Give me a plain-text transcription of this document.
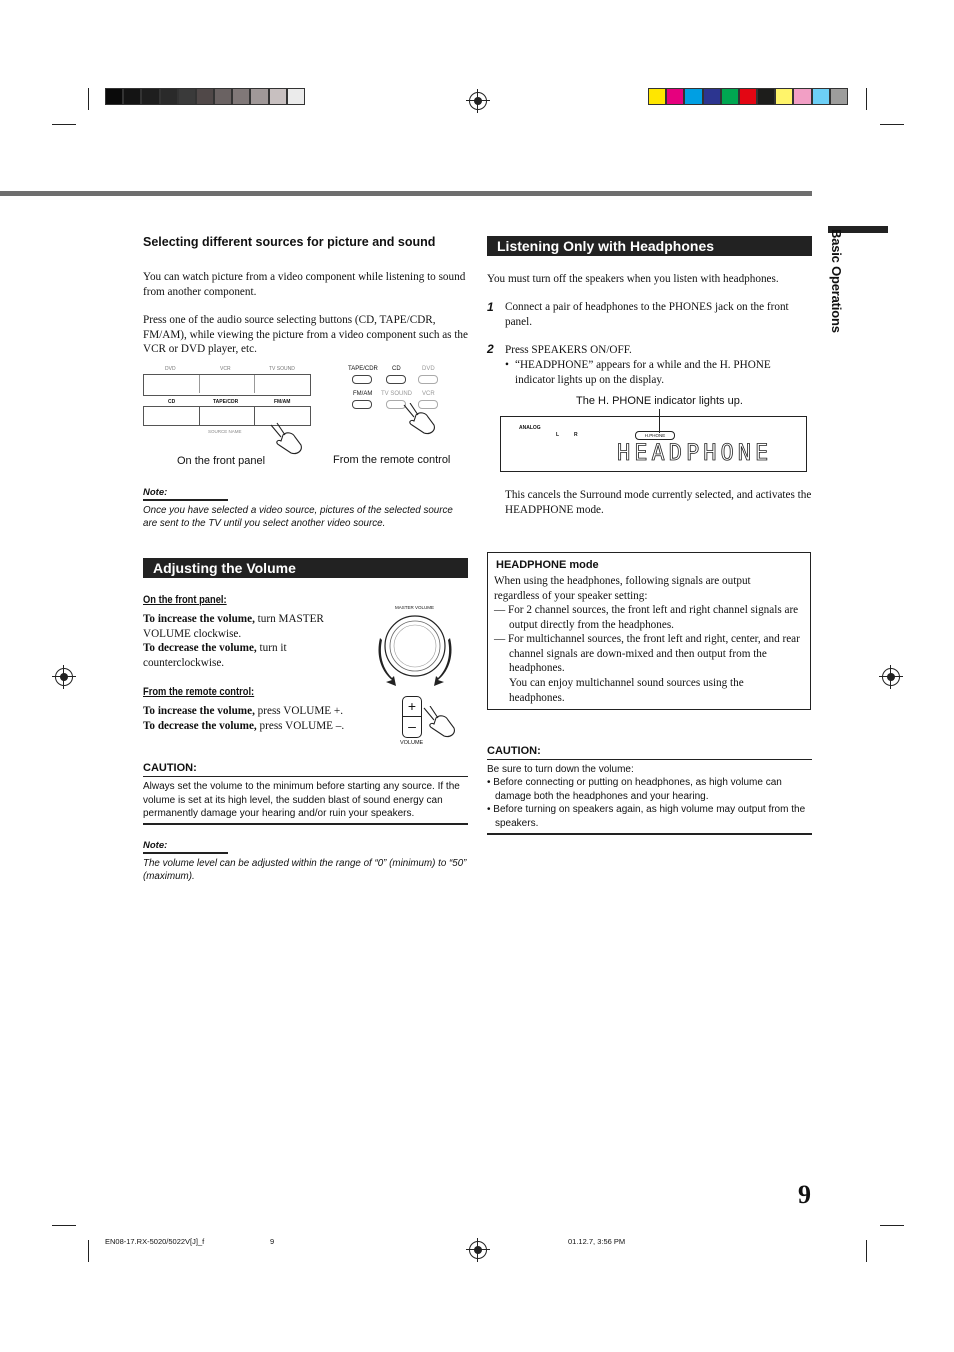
Basic Operations
Selecting different sources for picture and sound
You can watch picture from a video component while listening to sound from another component.
Press one of the audio source selecting buttons (CD, TAPE/CDR, FM/AM), while viewing the picture from a video component such as the VCR or DVD player, etc.
DVD	VCR	TV SOUND
CD	TAPE/CDR	FM/AM
SOURCE NAME
On the front panel
TAPE/CDR CD	DVD
FM/AM TV SOUND VCR
From the remote control
Note:
Once you have selected a video source, pictures of the selected source are sent to the TV until you select another video source.
Adjusting the Volume
On the front panel:
To increase the volume, turn MASTER VOLUME clockwise.
To decrease the volume, turn it counterclockwise.
MASTER VOLUME
From the remote control:
To increase the volume, press VOLUME +.
To decrease the volume, press VOLUME –.
+
–
VOLUME
CAUTION:
Always set the volume to the minimum before starting any source. If the volume is set at its high level, the sudden blast of sound energy can permanently damage your hearing and/or ruin your speakers.
Note:
The volume level can be adjusted within the range of “0” (minimum) to “50” (maximum).
Listening Only with Headphones
You must turn off the speakers when you listen with headphones.
1 Connect a pair of headphones to the PHONES jack on the front panel.
2 Press SPEAKERS ON/OFF.
• “HEADPHONE” appears for a while and the H. PHONE indicator lights up on the display.
The H. PHONE indicator lights up.
ANALOG
L	R	H.PHONE
HEADPHONE
This cancels the Surround mode currently selected, and activates the HEADPHONE mode.
HEADPHONE mode
When using the headphones, following signals are output regardless of your speaker setting:
— For 2 channel sources, the front left and right channel signals are output directly from the headphones.
— For multichannel sources, the front left and right, center, and rear channel signals are down-mixed and then output from the headphones.
You can enjoy multichannel sound sources using the headphones.
CAUTION:
Be sure to turn down the volume:
• Before connecting or putting on headphones, as high volume can damage both the headphones and your hearing.
• Before turning on speakers again, as high volume may output from the speakers.
9
EN08-17.RX-5020/5022V[J]_f	9	01.12.7, 3:56 PM
